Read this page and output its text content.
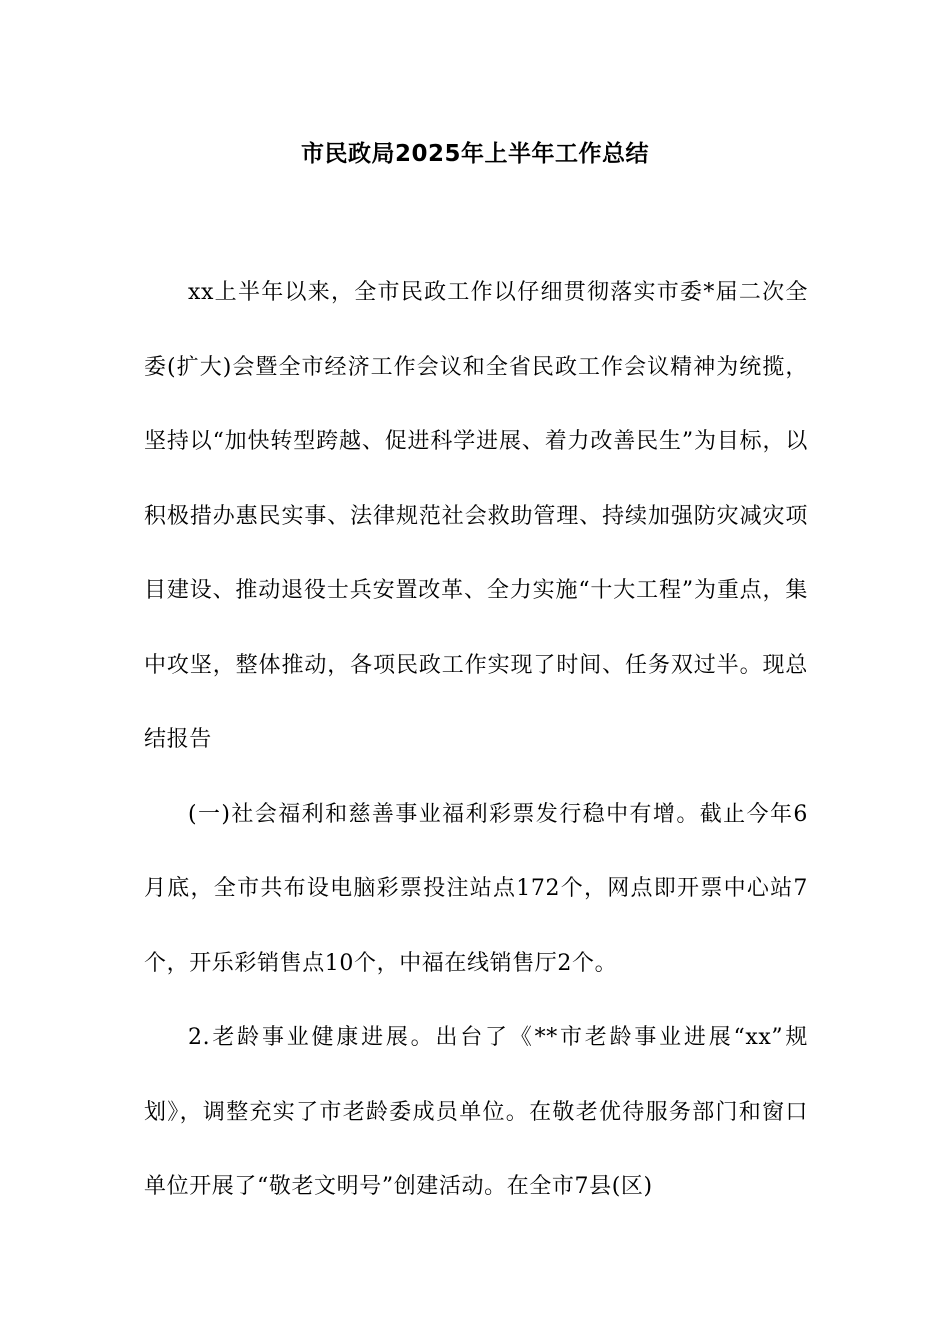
市民政局2025年上半年工作总结

xx上半年以来，全市民政工作以仔细贯彻落实市委*届二次全委(扩大)会暨全市经济工作会议和全省民政工作会议精神为统揽，坚持以“加快转型跨越、促进科学进展、着力改善民生”为目标，以积极措办惠民实事、法律规范社会救助管理、持续加强防灾减灾项目建设、推动退役士兵安置改革、全力实施“十大工程”为重点，集中攻坚，整体推动，各项民政工作实现了时间、任务双过半。现总结报告

(一)社会福利和慈善事业福利彩票发行稳中有增。截止今年6月底，全市共布设电脑彩票投注站点172个，网点即开票中心站7个，开乐彩销售点10个，中福在线销售厅2个。

2.老龄事业健康进展。出台了《**市老龄事业进展“xx”规划》，调整充实了市老龄委成员单位。在敬老优待服务部门和窗口单位开展了“敬老文明号”创建活动。在全市7县(区)
